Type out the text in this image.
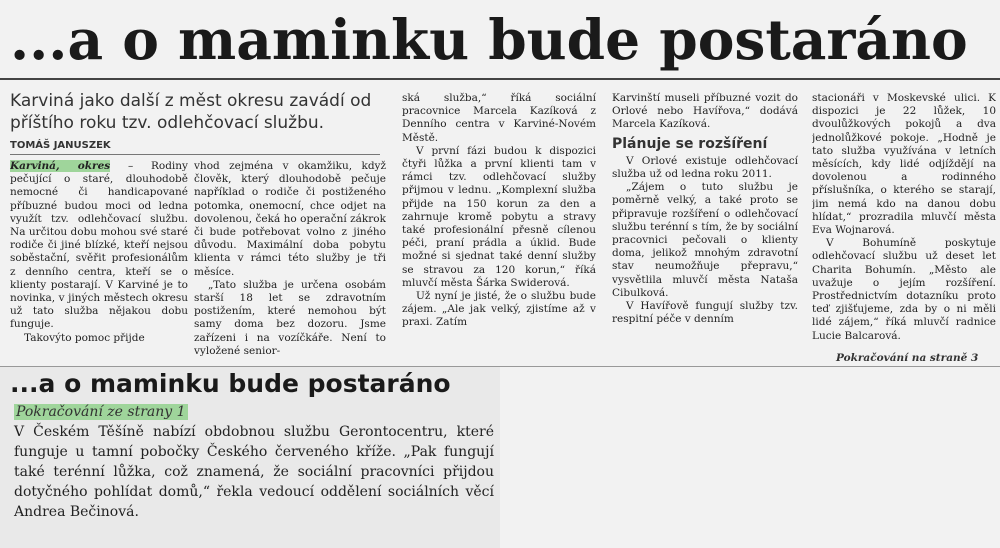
...a o maminku bude postaráno
Karviná jako další z měst okresu zavádí od příštího roku tzv. odlehčovací službu.
TOMÁŠ JANUSZEK

Karviná, okres – Rodiny pečující o staré, dlouhodobě nemocné či handicapované příbuzné budou moci od ledna využít tzv. odlehčovací službu. Na určitou dobu mohou své staré rodiče či jiné blízké, kteří nejsou soběstační, svěřit profesionálům z denního centra, kteří se o klienty postarají. V Karviné je to novinka, v jiných městech okresu už tato služba nějakou dobu funguje.

Takovýto pomoc přijde

vhod zejména v okamžiku, když člověk, který dlouhodobě pečuje například o rodiče či postiženého potomka, onemocní, chce odjet na dovolenou, čeká ho operační zákrok či bude potřebovat volno z jiného důvodu. Maximální doba pobytu klienta v rámci této služby je tři měsíce.

„Tato služba je určena osobám starší 18 let se zdravotním postižením, které nemohou být samy doma bez dozoru. Jsme zařízeni i na vozíčkáře. Není to vyložené senior-

ská služba,“ říká sociální pracovnice Marcela Kazíková z Denního centra v Karviné-Novém Městě.

V první fázi budou k dispozici čtyři lůžka a první klienti tam v rámci tzv. odlehčovací služby přijmou v lednu. „Komplexní služba přijde na 150 korun za den a zahrnuje kromě pobytu a stravy také profesionální přesně cílenou péči, praní prádla a úklid. Bude možné si sjednat také denní služby se stravou za 120 korun,“ říká mluvčí města Šárka Swiderová.

Už nyní je jisté, že o službu bude zájem. „Ale jak velký, zjistíme až v praxi. Zatím

Karvinští museli příbuzné vozit do Orlové nebo Havířova,“ dodává Marcela Kazíková.

Plánuje se rozšíření

V Orlové existuje odlehčovací služba už od ledna roku 2011.

„Zájem o tuto službu je poměrně velký, a také proto se připravuje rozšíření o odlehčovací službu terénní s tím, že by sociální pracovnici pečovali o klienty doma, jelikož mnohým zdravotní stav neumožňuje přepravu,“ vysvětlila mluvčí města Nataša Cibulková.

V Havířově fungují služby tzv. respitní péče v denním

stacionáři v Moskevské ulici. K dispozici je 22 lůžek, 10 dvoulůžkových pokojů a dva jednolůžkové pokoje. „Hodně je tato služba využívána v letních měsících, kdy lidé odjíždějí na dovolenou a rodinného příslušníka, o kterého se starají, jim nemá kdo na danou dobu hlídat,“ prozradila mluvčí města Eva Wojnarová.

V Bohumíně poskytuje odlehčovací službu už deset let Charita Bohumín. „Město ale uvažuje o jejím rozšíření. Prostřednictvím dotazníku proto teď zjišťujeme, zda by o ni měli lidé zájem,“ říká mluvčí radnice Lucie Balcarová.

Pokračování na straně 3
...a o maminku bude postaráno
Pokračování ze strany 1

V Českém Těšíně nabízí obdobnou službu Gerontocentru, které funguje u tamní pobočky Českého červeného kříže. „Pak fungují také terénní lůžka, což znamená, že sociální pracovníci přijdou dotyčného pohlídat domů,“ řekla vedoucí oddělení sociálních věcí Andrea Bečinová.
